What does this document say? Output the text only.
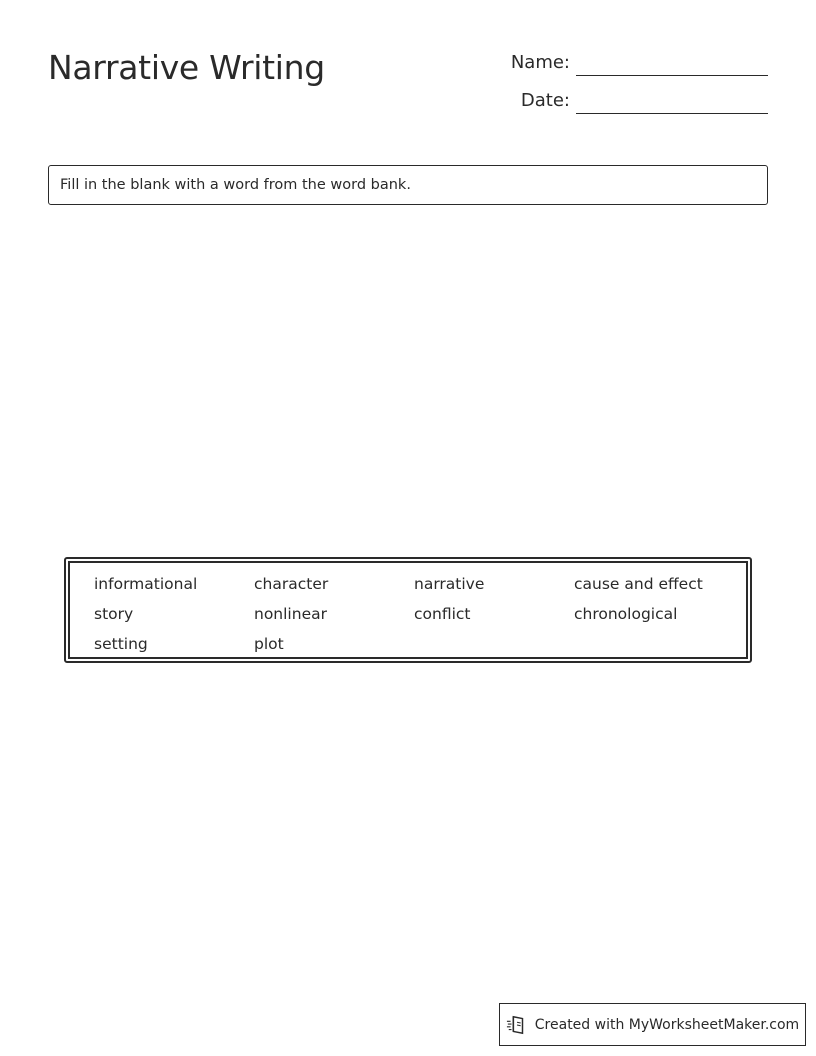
Narrative Writing	Name:
Date:
Fill in the blank with a word from the word bank.
informational	character	narrative	cause and effect
story	nonlinear	conflict	chronological
setting	plot
Created with MyWorksheetMaker.com
